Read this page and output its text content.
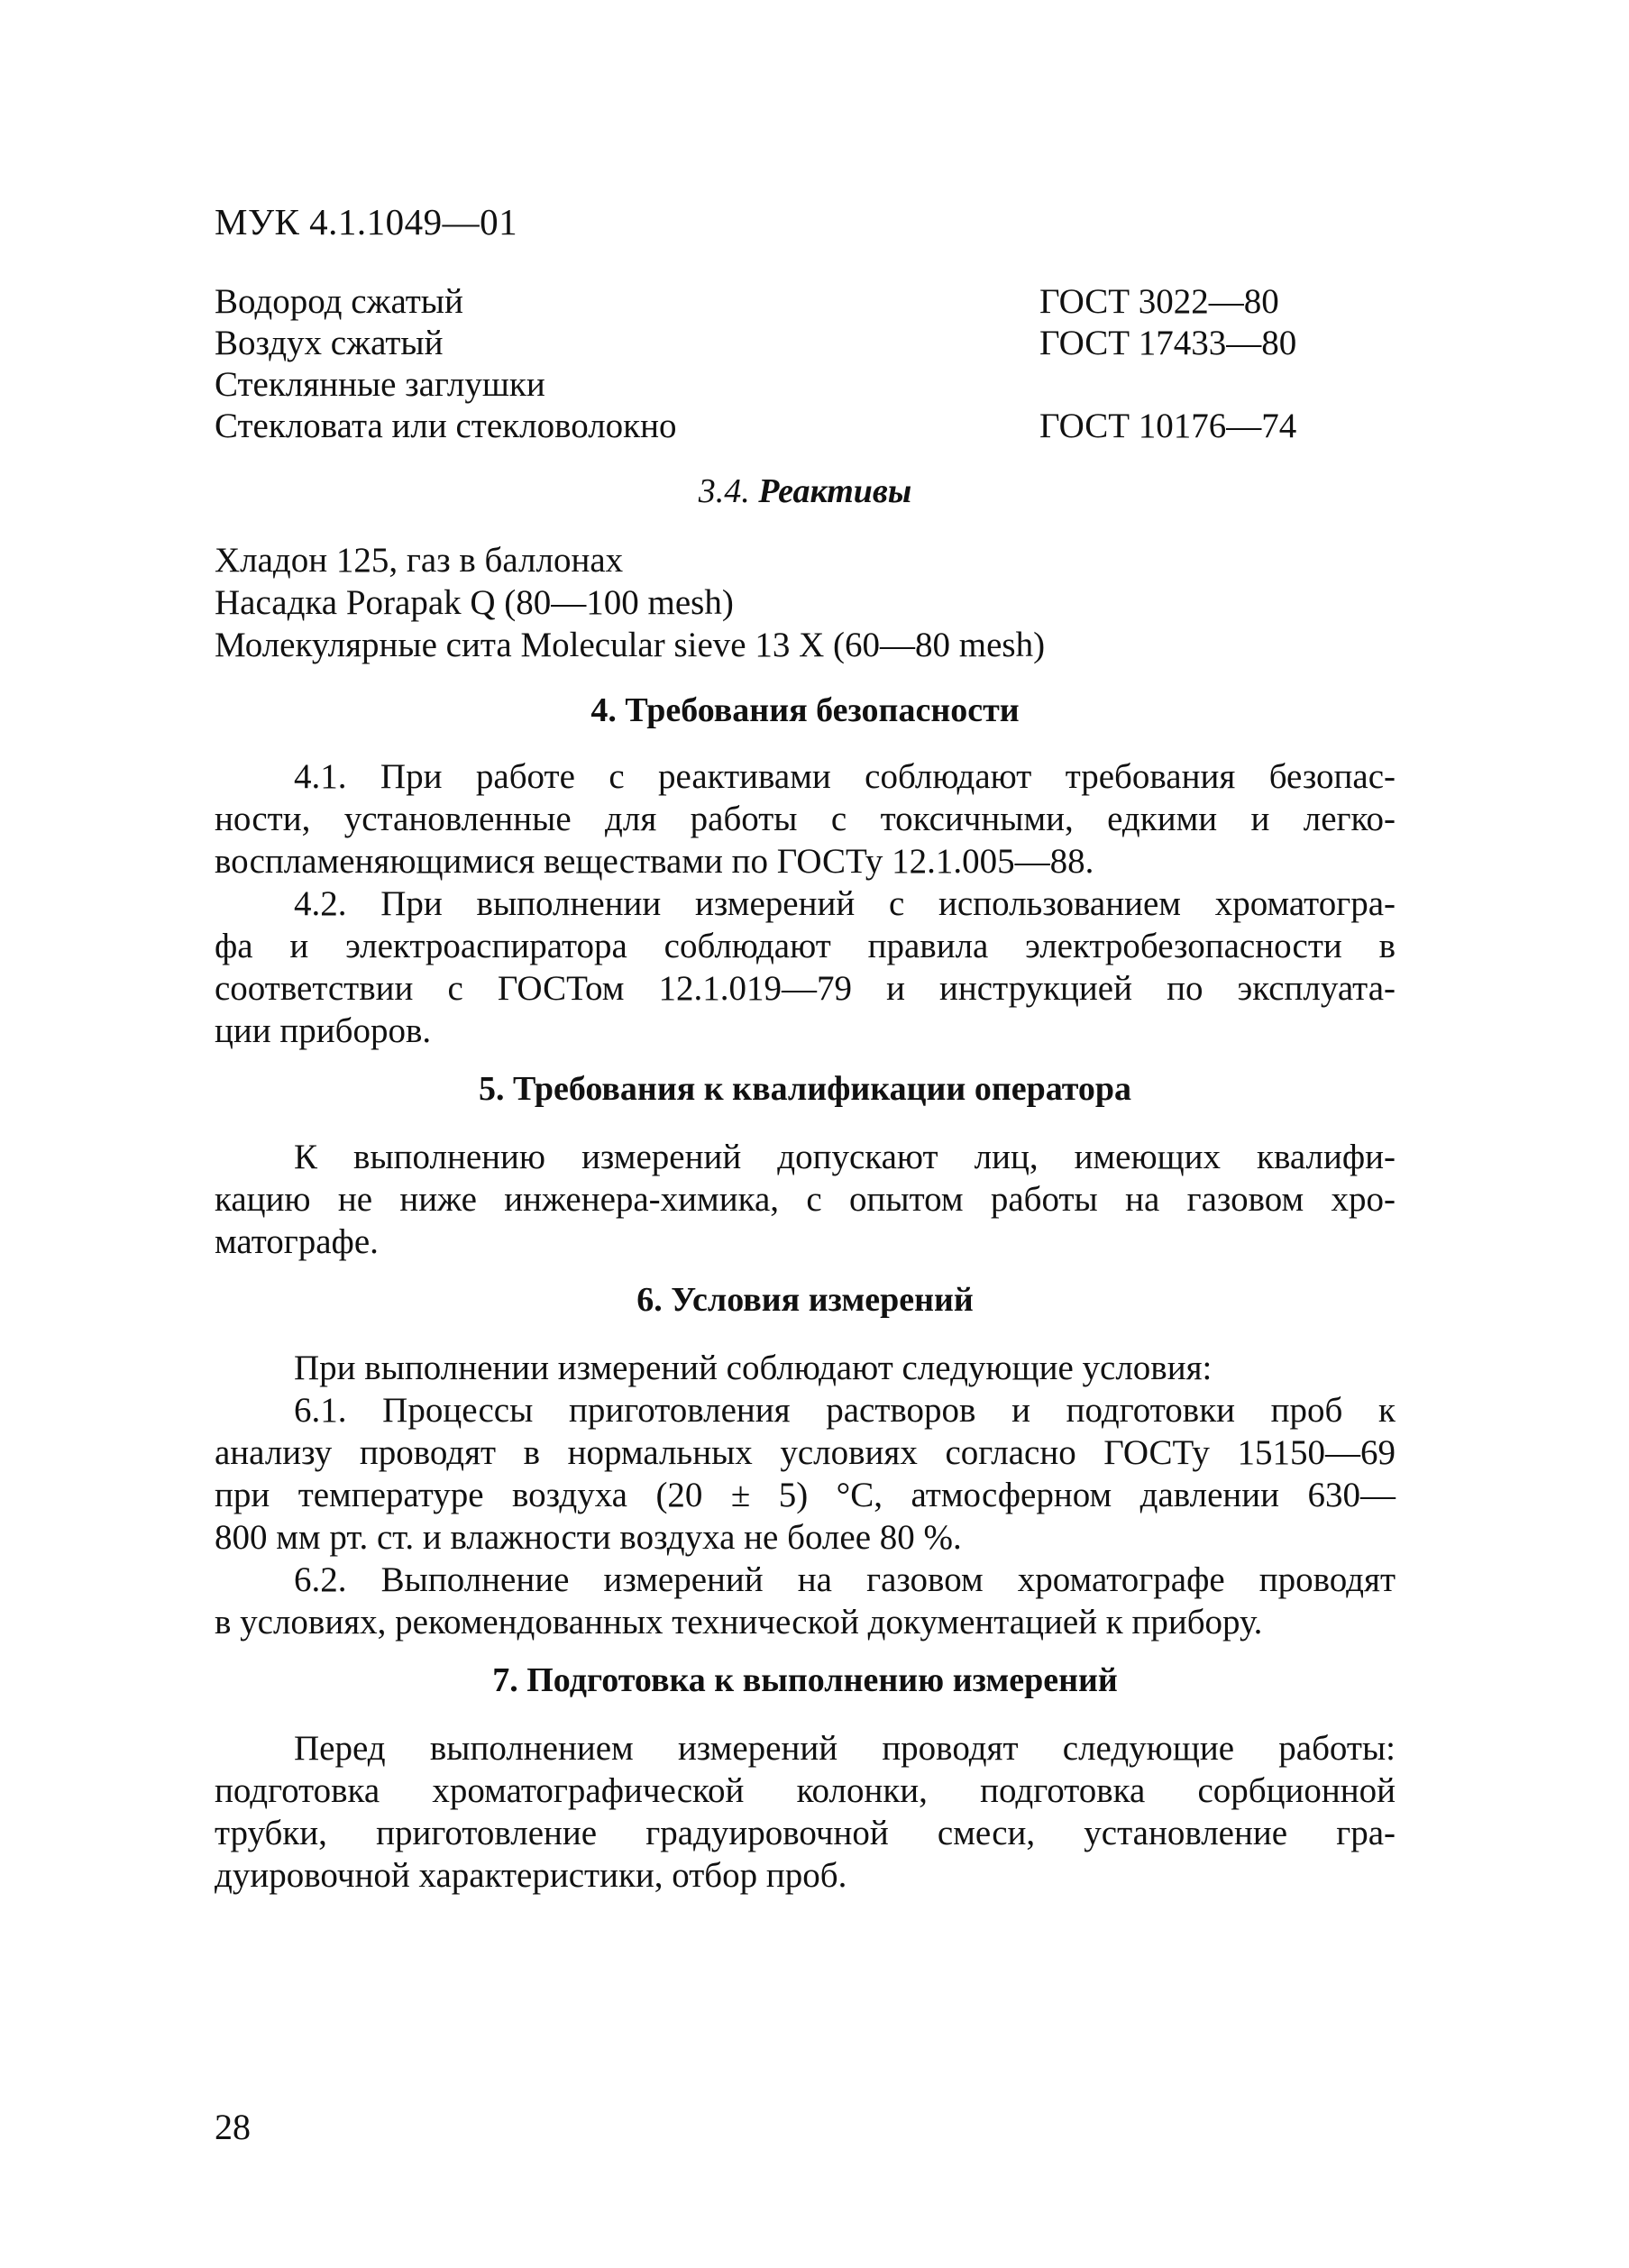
МУК 4.1.1049—01
Водород сжатый	ГОСТ 3022—80
Воздух сжатый	ГОСТ 17433—80
Стеклянные заглушки
Стекловата или стекловолокно	ГОСТ 10176—74
3.4. Реактивы
Хладон 125, газ в баллонах
Насадка Porapak Q (80—100 mesh)
Молекулярные сита Molecular sieve 13 X (60—80 mesh)
4. Требования безопасности
4.1. При работе с реактивами соблюдают требования безопас-
ности, установленные для работы с токсичными, едкими и легко-
воспламеняющимися веществами по ГОСТу 12.1.005—88.
4.2. При выполнении измерений с использованием хроматогра-
фа и электроаспиратора соблюдают правила электробезопасности в
соответствии с ГОСТом 12.1.019—79 и инструкцией по эксплуата-
ции приборов.
5. Требования к квалификации оператора
К выполнению измерений допускают лиц, имеющих квалифи-
кацию не ниже инженера-химика, с опытом работы на газовом хро-
матографе.
6. Условия измерений
При выполнении измерений соблюдают следующие условия:
6.1. Процессы приготовления растворов и подготовки проб к
анализу проводят в нормальных условиях согласно ГОСТу 15150—69
при температуре воздуха (20 ± 5) °С, атмосферном давлении 630—
800 мм рт. ст. и влажности воздуха не более 80 %.
6.2. Выполнение измерений на газовом хроматографе проводят
в условиях, рекомендованных технической документацией к прибору.
7. Подготовка к выполнению измерений
Перед выполнением измерений проводят следующие работы:
подготовка хроматографической колонки, подготовка сорбционной
трубки, приготовление градуировочной смеси, установление гра-
дуировочной характеристики, отбор проб.
28
